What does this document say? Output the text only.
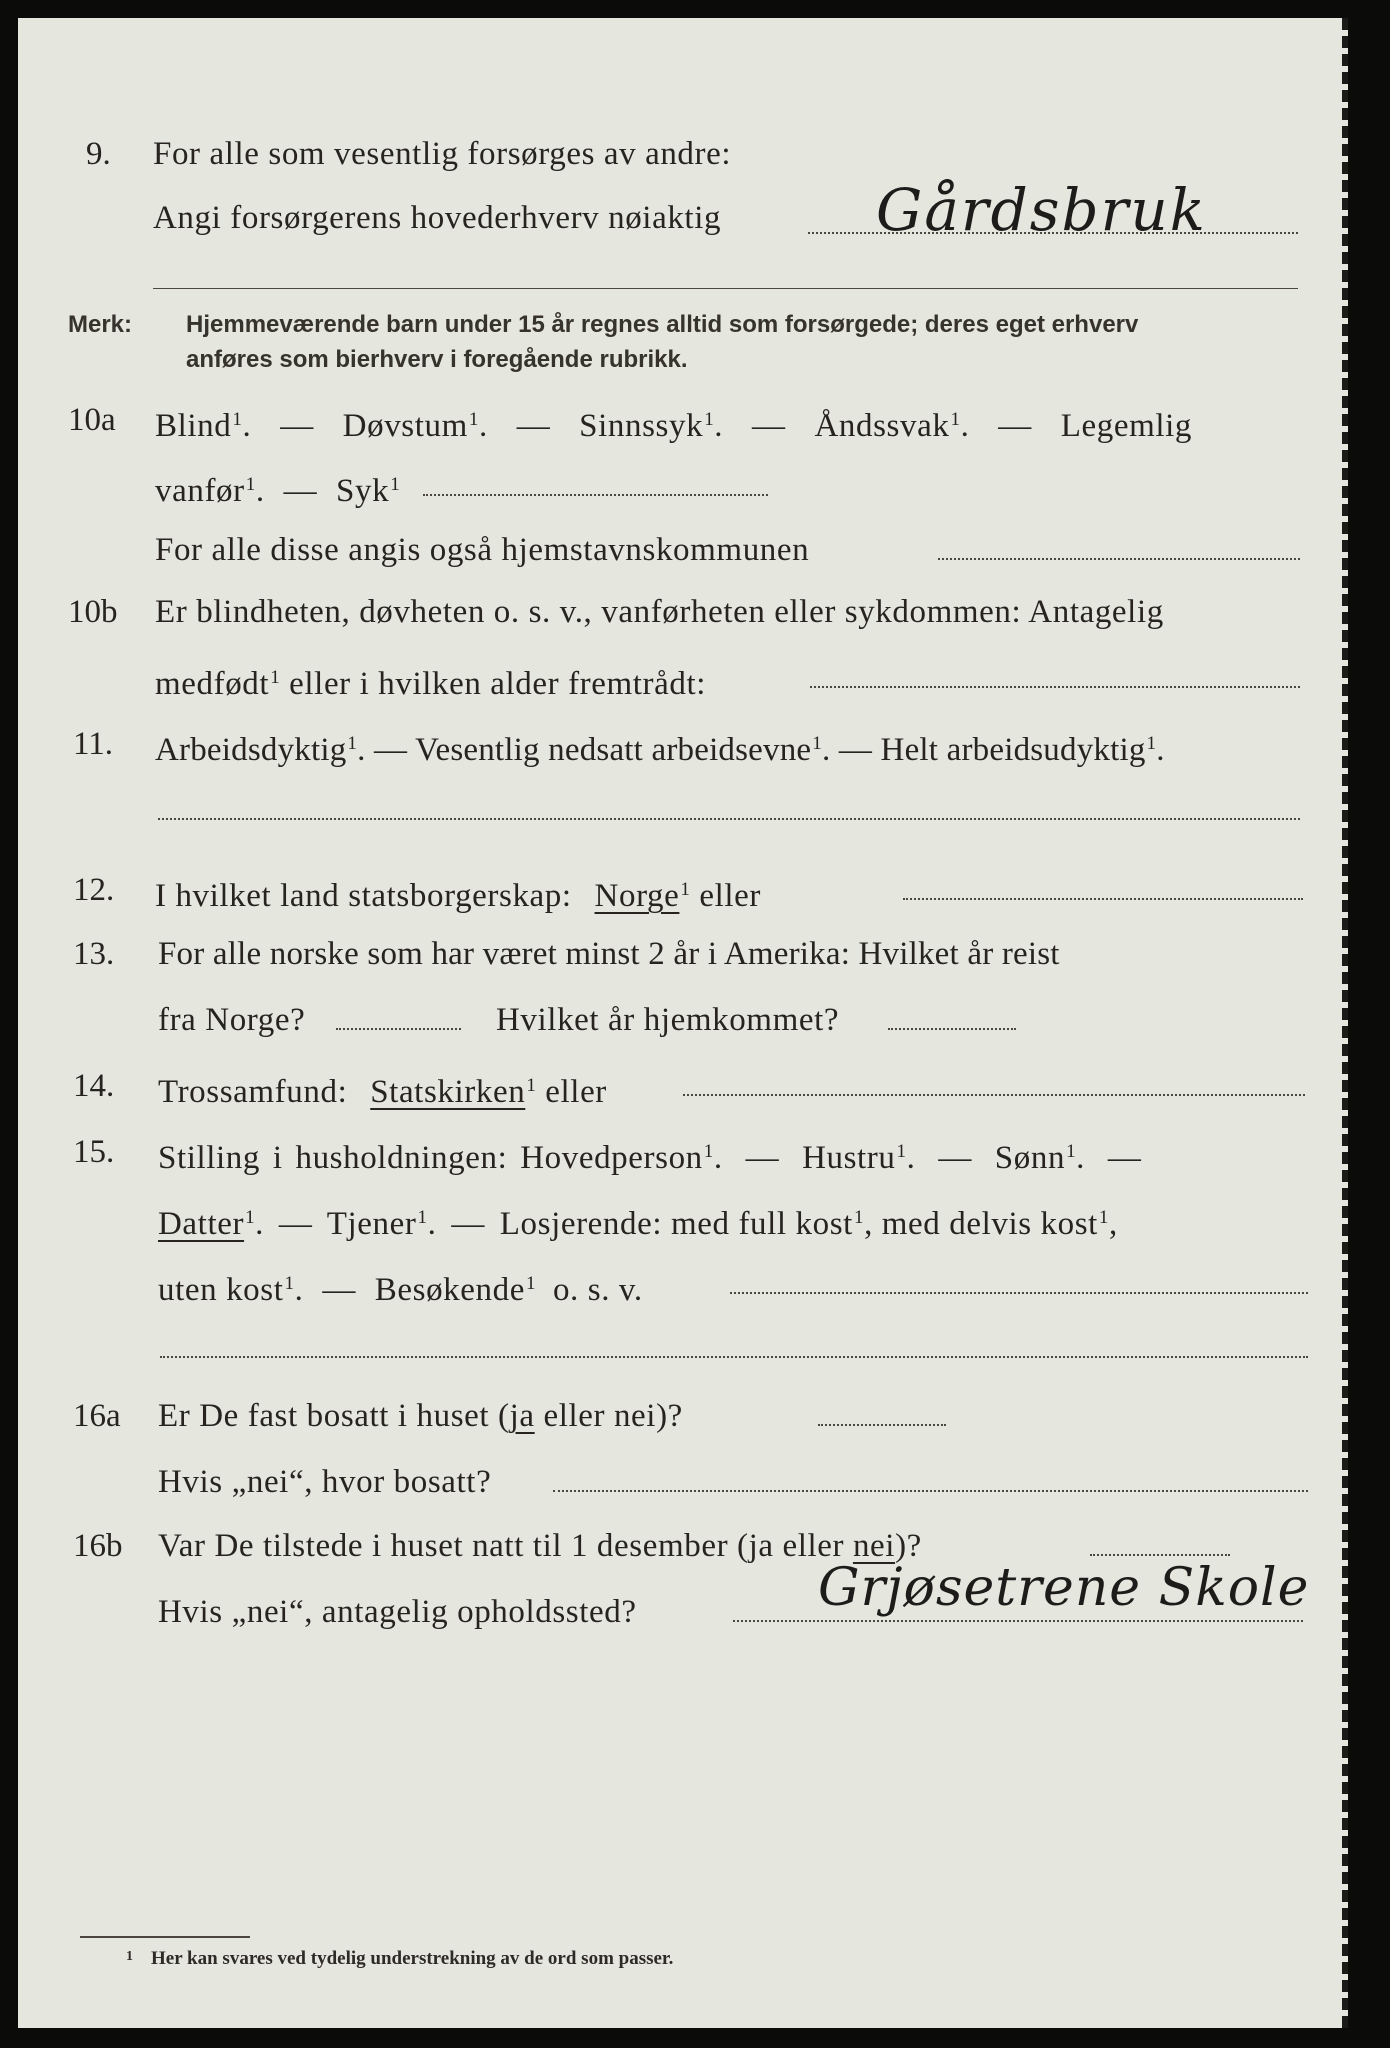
9. For alle som vesentlig forsørges av andre:
Angi forsørgerens hovederhverv nøiaktig	Gårdsbruk
Merk: Hjemmeværende barn under 15 år regnes alltid som forsørgede; deres eget erhverv
anføres som bierhverv i foregående rubrikk.
10a Blind$^1$. — Døvstum$^1$. — Sinnssyk$^1$. — Åndssvak$^1$. — Legemlig
vanfør$^1$. — Syk$^1$
For alle disse angis også hjemstavnskommunen
10b Er blindheten, døvheten o. s. v., vanførheten eller sykdommen: Antagelig
medfødt$^1$ eller i hvilken alder fremtrådt:
11. Arbeidsdyktig$^1$. — Vesentlig nedsatt arbeidsevne$^1$. — Helt arbeidsudyktig$^1$.
12. I hvilket land statsborgerskap: Norge$^1$ eller
13. For alle norske som har været minst 2 år i Amerika: Hvilket år reist
fra Norge?	Hvilket år hjemkommet?
14. Trossamfund: Statskirken$^1$ eller
15. Stilling i husholdningen: Hovedperson$^1$. — Hustru$^1$. — Sønn$^1$. —
Datter$^1$. — Tjener$^1$. — Losjerende: med full kost$^1$, med delvis kost$^1$,
uten kost$^1$. — Besøkende$^1$ o. s. v.
16a Er De fast bosatt i huset (ja eller nei)?
Hvis „nei“, hvor bosatt?
16b Var De tilstede i huset natt til 1 desember (ja eller nei)?
Hvis „nei“, antagelig opholdssted?	Grjøsetrene Skole
$^1$ Her kan svares ved tydelig understrekning av de ord som passer.
